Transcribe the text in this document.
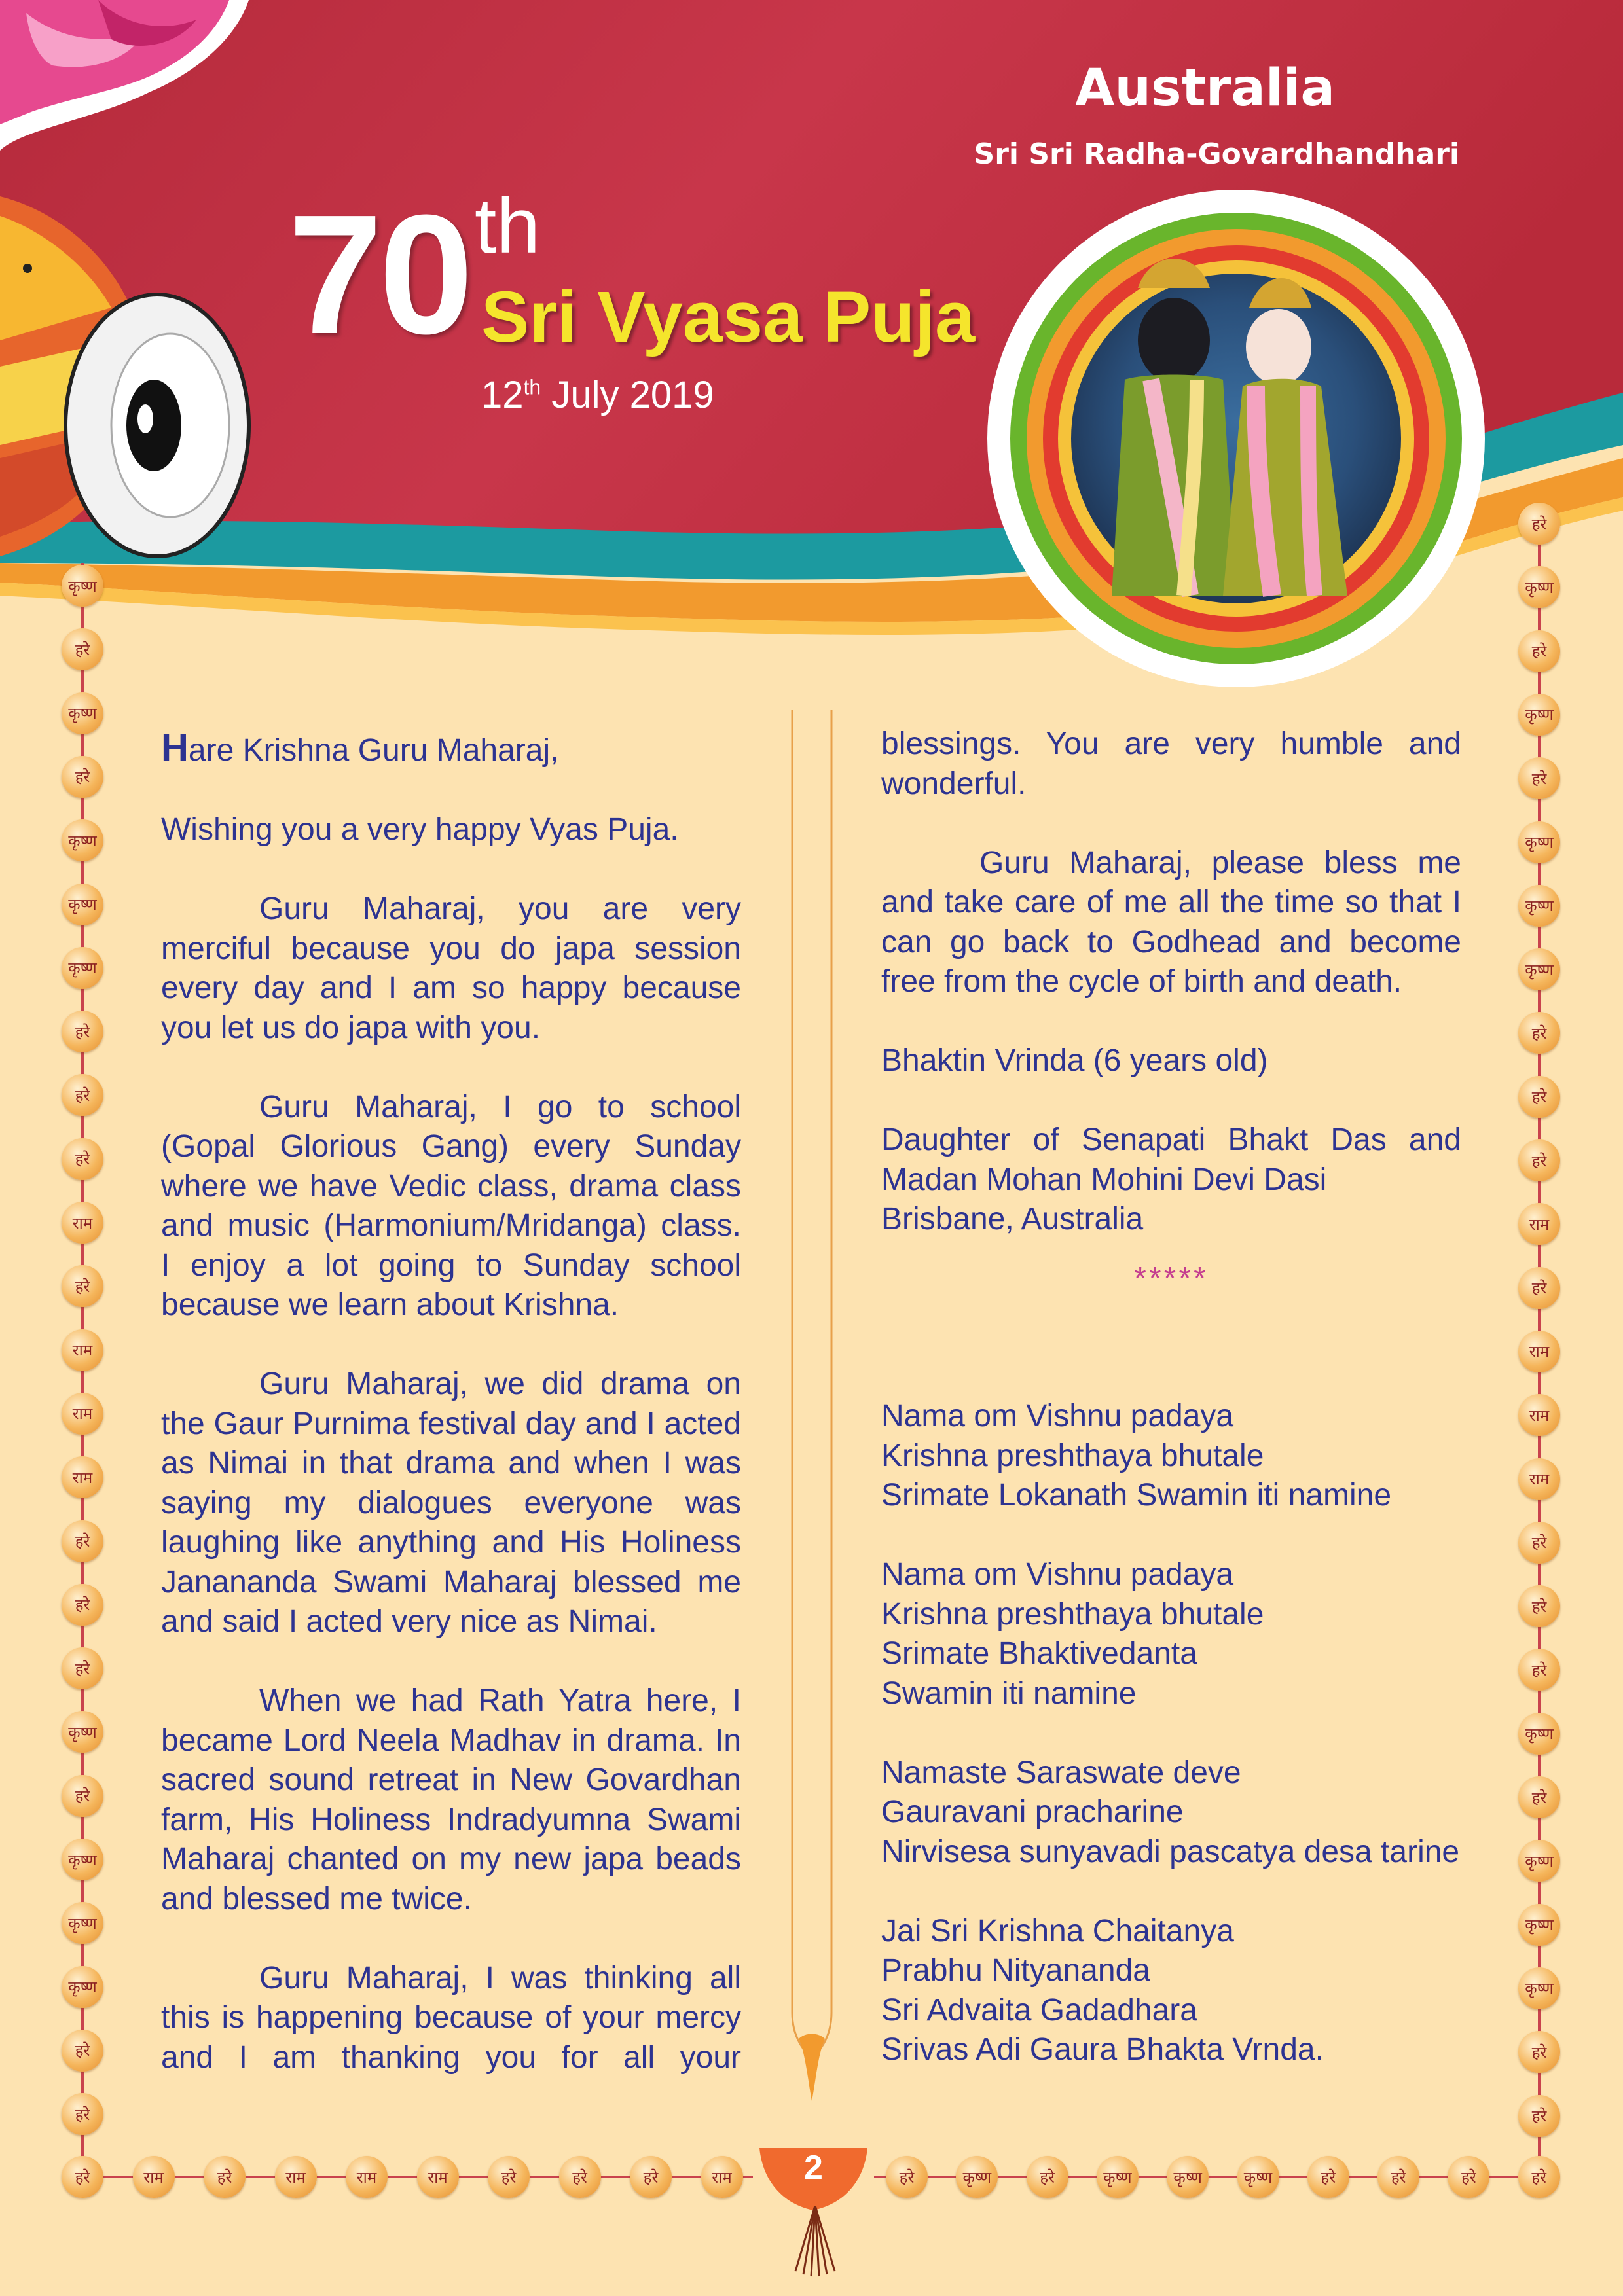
Australia
Sri Sri Radha-Govardhandhari
70 th
Sri Vyasa Puja
12th July 2019

Hare Krishna Guru Maharaj,

Wishing you a very happy Vyas Puja.

Guru Maharaj, you are very merciful because you do japa session every day and I am so happy because you let us do japa with you.

Guru Maharaj, I go to school (Gopal Glorious Gang) every Sunday where we have Vedic class, drama class and music (Harmonium/Mridanga) class. I enjoy a lot going to Sunday school because we learn about Krishna.

Guru Maharaj, we did drama on the Gaur Purnima festival day and I acted as Nimai in that drama and when I was saying my dialogues everyone was laughing like anything and His Holiness Janananda Swami Maharaj blessed me and said I acted very nice as Nimai.

When we had Rath Yatra here, I became Lord Neela Madhav in drama. In sacred sound retreat in New Govardhan farm, His Holiness Indradyumna Swami Maharaj chanted on my new japa beads and blessed me twice.

Guru Maharaj, I was thinking all this is happening because of your mercy and I am thanking you for all your

blessings. You are very humble and wonderful.

Guru Maharaj, please bless me and take care of me all the time so that I can go back to Godhead and become free from the cycle of birth and death.

Bhaktin Vrinda (6 years old)

Daughter of Senapati Bhakt Das and

Madan Mohan Mohini Devi Dasi

Brisbane, Australia

*****

Nama om Vishnu padaya

Krishna preshthaya bhutale

Srimate Lokanath Swamin iti namine

Nama om Vishnu padaya

Krishna preshthaya bhutale

Srimate Bhaktivedanta

Swamin iti namine

Namaste Saraswate deve

Gauravani pracharine

Nirvisesa sunyavadi pascatya desa tarine

Jai Sri Krishna Chaitanya

Prabhu Nityananda

Sri Advaita Gadadhara

Srivas Adi Gaura Bhakta Vrnda.

कृष्ण
हरे
कृष्ण
हरे
कृष्ण
कृष्ण
कृष्ण
हरे
हरे
हरे
राम
हरे
राम
राम
राम
हरे
हरे
हरे
कृष्ण
हरे
कृष्ण
कृष्ण
कृष्ण
हरे
हरे
हरे
कृष्ण
हरे
कृष्ण
हरे
कृष्ण
कृष्ण
कृष्ण
हरे
हरे
हरे
राम
हरे
राम
राम
राम
हरे
हरे
हरे
कृष्ण
हरे
कृष्ण
कृष्ण
कृष्ण
हरे
हरे
हरे	राम	हरे	राम	राम	राम	हरे	हरे	हरे	राम	हरे	कृष्ण	हरे	कृष्ण	कृष्ण	कृष्ण	हरे	हरे	हरे	हरे
2
